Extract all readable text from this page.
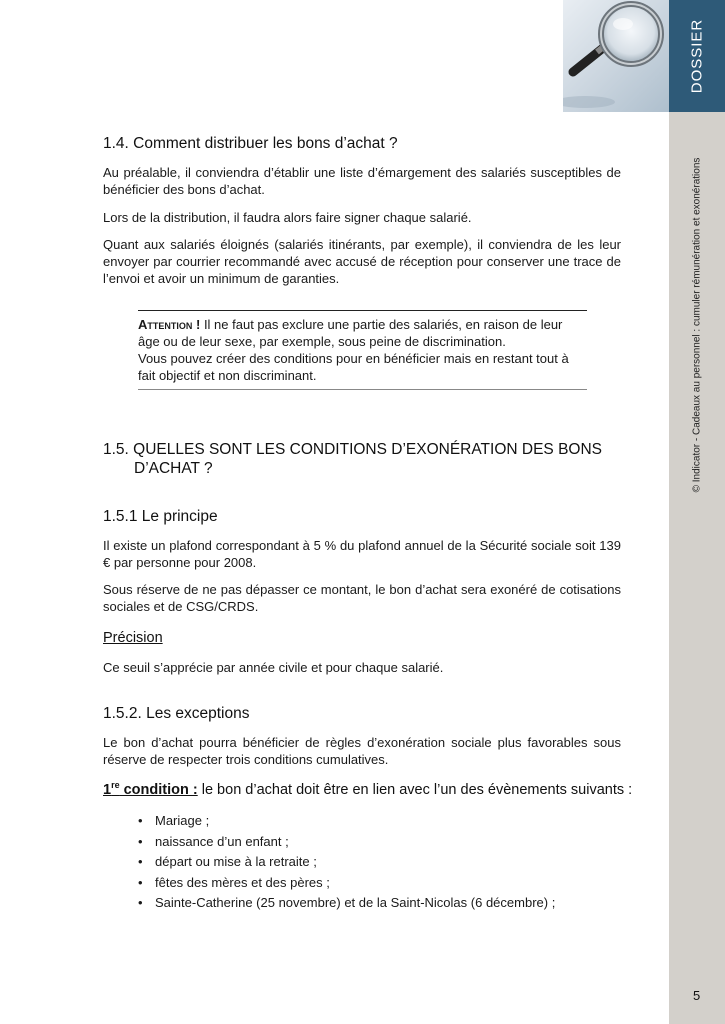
DOSSIER
© Indicator - Cadeaux au personnel : cumuler rémunération et exonérations
5
1.4. Comment distribuer les bons d’achat ?

Au préalable, il conviendra d’établir une liste d’émargement des salariés susceptibles de bénéficier des bons d’achat.

Lors de la distribution, il faudra alors faire signer chaque salarié.

Quant aux salariés éloignés (salariés itinérants, par exemple), il conviendra de les leur envoyer par courrier recommandé avec accusé de réception pour conserver une trace de l’envoi et avoir un minimum de garanties.

Attention ! Il ne faut pas exclure une partie des salariés, en raison de leur âge ou de leur sexe, par exemple, sous peine de discrimination.
Vous pouvez créer des conditions pour en bénéficier mais en restant tout à fait objectif et non discriminant.
1.5. QUELLES SONT LES CONDITIONS D’EXONÉRATION DES BONS
D’ACHAT ?
1.5.1 Le principe

Il existe un plafond correspondant à 5 % du plafond annuel de la Sécurité sociale soit 139 € par personne pour 2008.

Sous réserve de ne pas dépasser ce montant, le bon d’achat sera exonéré de cotisations sociales et de CSG/CRDS.

Précision

Ce seuil s’apprécie par année civile et pour chaque salarié.

1.5.2. Les exceptions

Le bon d’achat pourra bénéficier de règles d’exonération sociale plus favorables sous réserve de respecter trois conditions cumulatives.

1re condition : le bon d’achat doit être en lien avec l’un des évènements suivants :
• Mariage ;
• naissance d’un enfant ;
• départ ou mise à la retraite ;
• fêtes des mères et des pères ;
• Sainte-Catherine (25 novembre) et de la Saint-Nicolas (6 décembre) ;
